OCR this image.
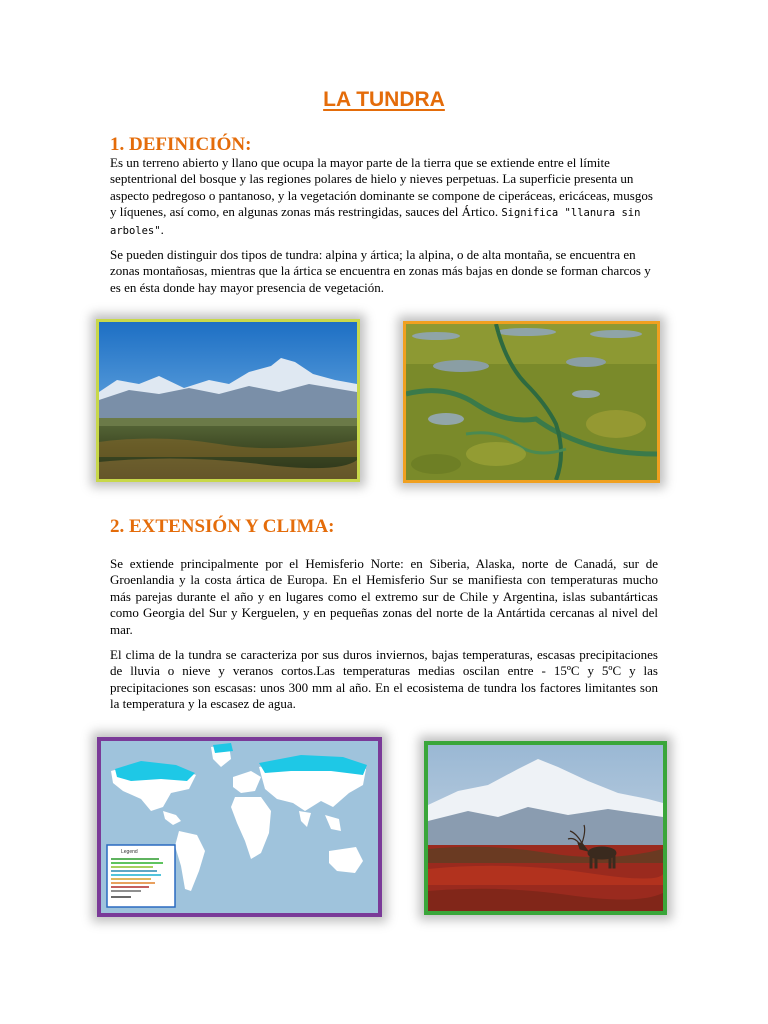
LA TUNDRA
1. DEFINICIÓN:

Es un terreno abierto y llano que ocupa la mayor parte de la tierra que se extiende entre el límite septentrional del bosque y las regiones polares de hielo y nieves perpetuas. La superficie presenta un aspecto pedregoso o pantanoso, y la vegetación dominante se compone de ciperáceas, ericáceas, musgos y líquenes, así como, en algunas zonas más restringidas, sauces del Ártico. Significa "llanura sin arboles".

Se pueden distinguir dos tipos de tundra: alpina y ártica; la alpina, o de alta montaña, se encuentra en zonas montañosas, mientras que la ártica se encuentra en zonas más bajas en donde se forman charcos y es en ésta donde hay mayor presencia de vegetación.

2. EXTENSIÓN Y CLIMA:

Se extiende principalmente por el Hemisferio Norte: en Siberia, Alaska, norte de Canadá, sur de Groenlandia y la costa ártica de Europa. En el Hemisferio Sur se manifiesta con temperaturas mucho más parejas durante el año y en lugares como el extremo sur de Chile y Argentina, islas subantárticas como Georgia del Sur y Kerguelen, y en pequeñas zonas del norte de la Antártida cercanas al nivel del mar.

El clima de la tundra se caracteriza por sus duros inviernos, bajas temperaturas, escasas precipitaciones de lluvia o nieve y veranos cortos.Las temperaturas medias oscilan entre - 15ºC y 5ºC y las precipitaciones son escasas: unos 300 mm al año. En el ecosistema de tundra los factores limitantes son la temperatura y la escasez de agua.

Legend
